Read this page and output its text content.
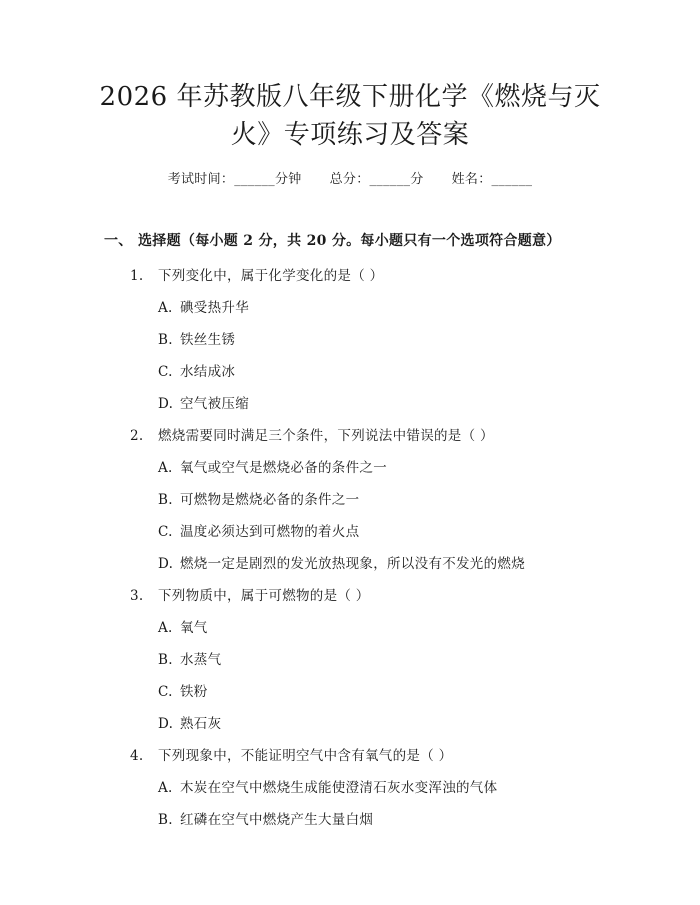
2026 年苏教版八年级下册化学《燃烧与灭
火》专项练习及答案
考试时间：______分钟 总分：______分 姓名：______
一、 选择题（每小题 2 分，共 20 分。每小题只有一个选项符合题意）
1. 下列变化中，属于化学变化的是（ ）
A. 碘受热升华
B. 铁丝生锈
C. 水结成冰
D. 空气被压缩
2. 燃烧需要同时满足三个条件，下列说法中错误的是（ ）
A. 氧气或空气是燃烧必备的条件之一
B. 可燃物是燃烧必备的条件之一
C. 温度必须达到可燃物的着火点
D. 燃烧一定是剧烈的发光放热现象，所以没有不发光的燃烧
3. 下列物质中，属于可燃物的是（ ）
A. 氧气
B. 水蒸气
C. 铁粉
D. 熟石灰
4. 下列现象中，不能证明空气中含有氧气的是（ ）
A. 木炭在空气中燃烧生成能使澄清石灰水变浑浊的气体
B. 红磷在空气中燃烧产生大量白烟
